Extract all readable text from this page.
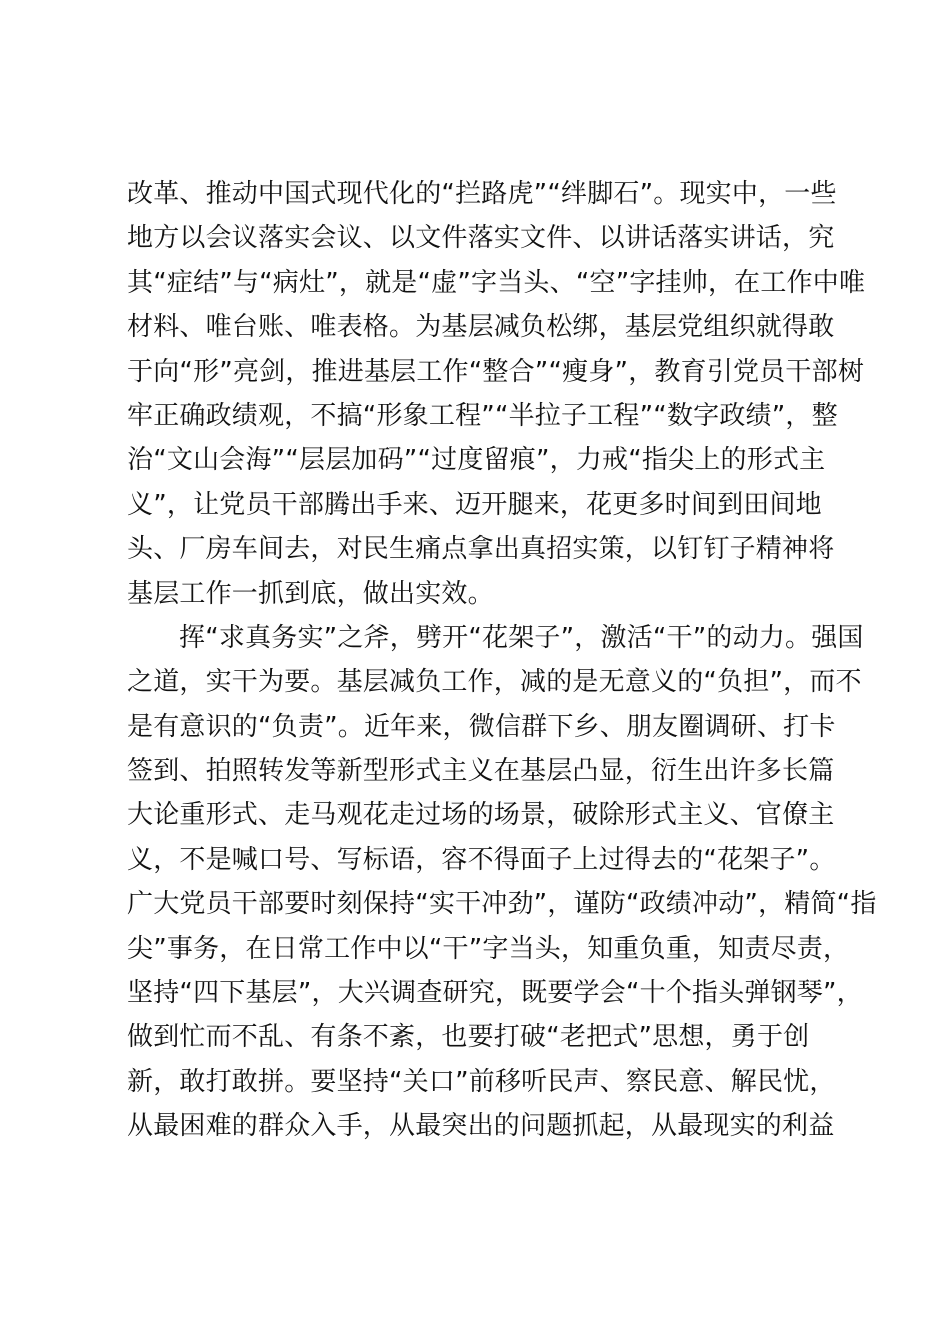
改革、推动中国式现代化的“拦路虎”“绊脚石”。现实中，一些
地方以会议落实会议、以文件落实文件、以讲话落实讲话，究
其“症结”与“病灶”，就是“虚”字当头、“空”字挂帅，在工作中唯
材料、唯台账、唯表格。为基层减负松绑，基层党组织就得敢
于向“形”亮剑，推进基层工作“整合”“瘦身”，教育引党员干部树
牢正确政绩观，不搞“形象工程”“半拉子工程”“数字政绩”，整
治“文山会海”“层层加码”“过度留痕”，力戒“指尖上的形式主
义”，让党员干部腾出手来、迈开腿来，花更多时间到田间地
头、厂房车间去，对民生痛点拿出真招实策，以钉钉子精神将
基层工作一抓到底，做出实效。
挥“求真务实”之斧，劈开“花架子”，激活“干”的动力。强国
之道，实干为要。基层减负工作，减的是无意义的“负担”，而不
是有意识的“负责”。近年来，微信群下乡、朋友圈调研、打卡
签到、拍照转发等新型形式主义在基层凸显，衍生出许多长篇
大论重形式、走马观花走过场的场景，破除形式主义、官僚主
义，不是喊口号、写标语，容不得面子上过得去的“花架子”。
广大党员干部要时刻保持“实干冲劲”，谨防“政绩冲动”，精简“指
尖”事务，在日常工作中以“干”字当头，知重负重，知责尽责，
坚持“四下基层”，大兴调查研究，既要学会“十个指头弹钢琴”，
做到忙而不乱、有条不紊，也要打破“老把式”思想，勇于创
新，敢打敢拼。要坚持“关口”前移听民声、察民意、解民忧，
从最困难的群众入手，从最突出的问题抓起，从最现实的利益
